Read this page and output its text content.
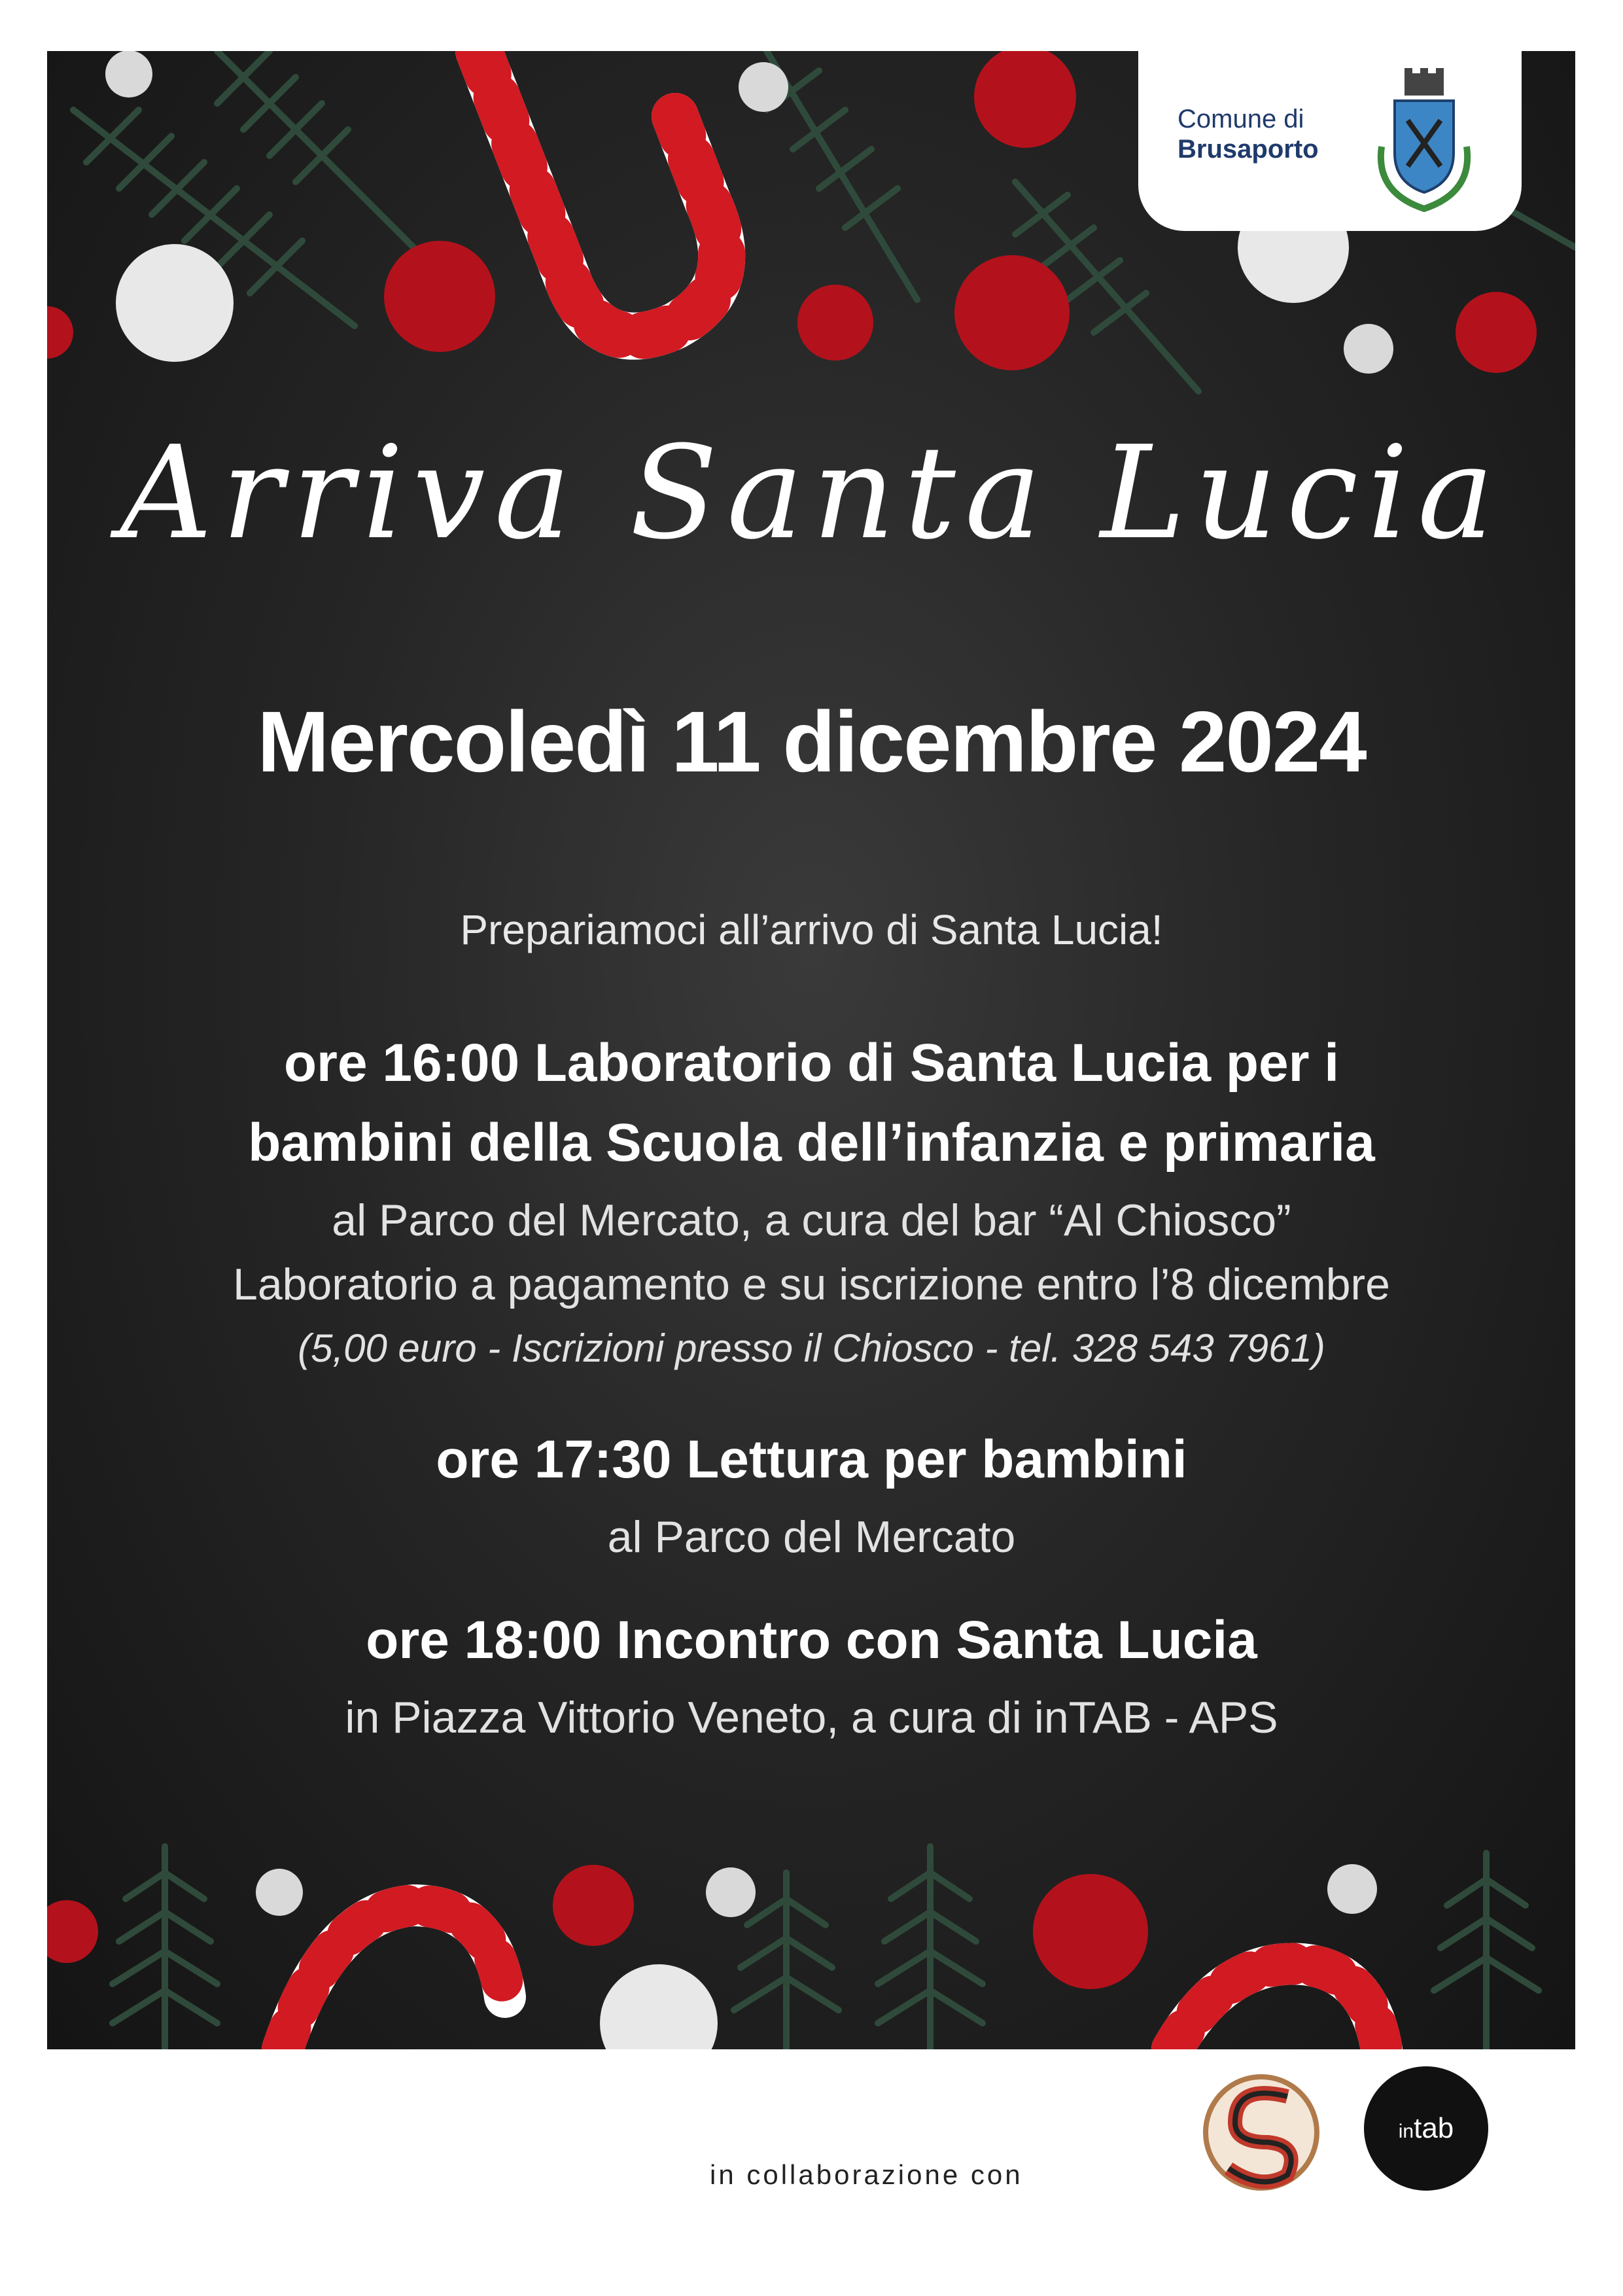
Comune di
Brusaporto
Arriva Santa Lucia
Mercoledì 11 dicembre 2024
Prepariamoci all’arrivo di Santa Lucia!
ore 16:00 Laboratorio di Santa Lucia per i
bambini della Scuola dell’infanzia e primaria
al Parco del Mercato, a cura del bar “Al Chiosco”
Laboratorio a pagamento e su iscrizione entro l’8 dicembre
(5,00 euro - Iscrizioni presso il Chiosco - tel. 328 543 7961)
ore 17:30 Lettura per bambini
al Parco del Mercato
ore 18:00 Incontro con Santa Lucia
in Piazza Vittorio Veneto, a cura di inTAB - APS
in collaborazione con
intab
